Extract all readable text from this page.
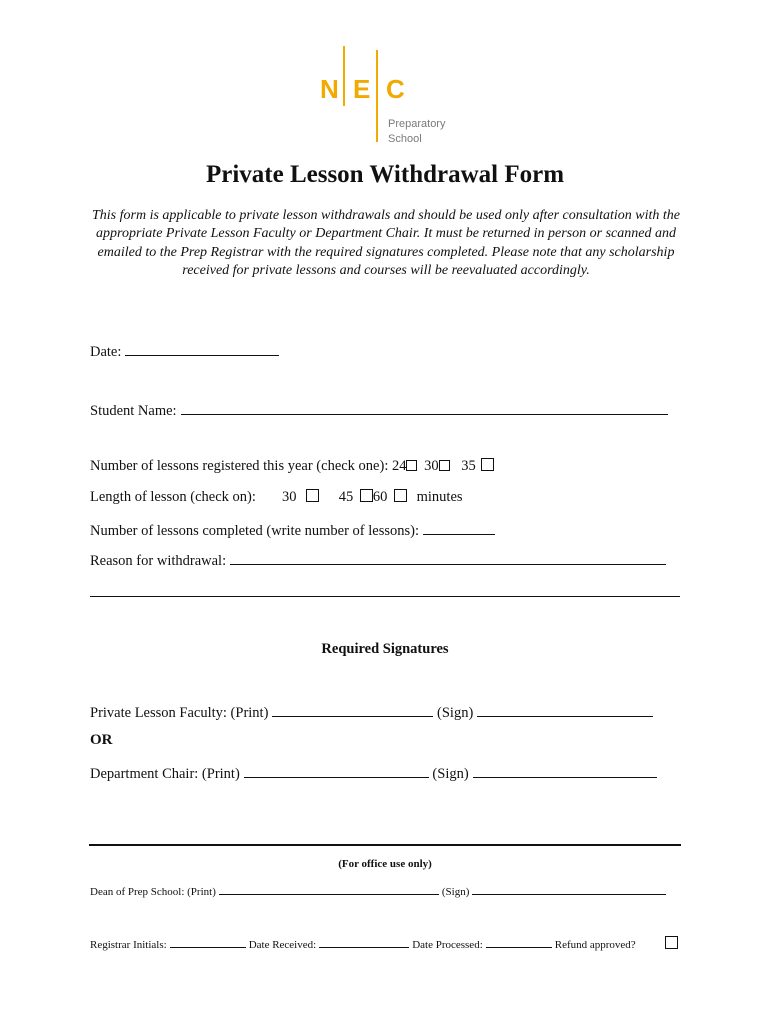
N E C
Preparatory
School
Private Lesson Withdrawal Form
This form is applicable to private lesson withdrawals and should be used only after consultation with the appropriate Private Lesson Faculty or Department Chair. It must be returned in person or scanned and emailed to the Prep Registrar with the required signatures completed. Please note that any scholarship received for private lessons and courses will be reevaluated accordingly.
Date:
Student Name:
Number of lessons registered this year (check one): 24 30 35
Length of lesson (check on): 30	45 60 minutes
Number of lessons completed (write number of lessons):
Reason for withdrawal:
Required Signatures
Private Lesson Faculty: (Print)	(Sign)
OR
Department Chair: (Print)	(Sign)
(For office use only)
Dean of Prep School: (Print)	(Sign)
Registrar Initials:	Date Received:	Date Processed:	Refund approved?
